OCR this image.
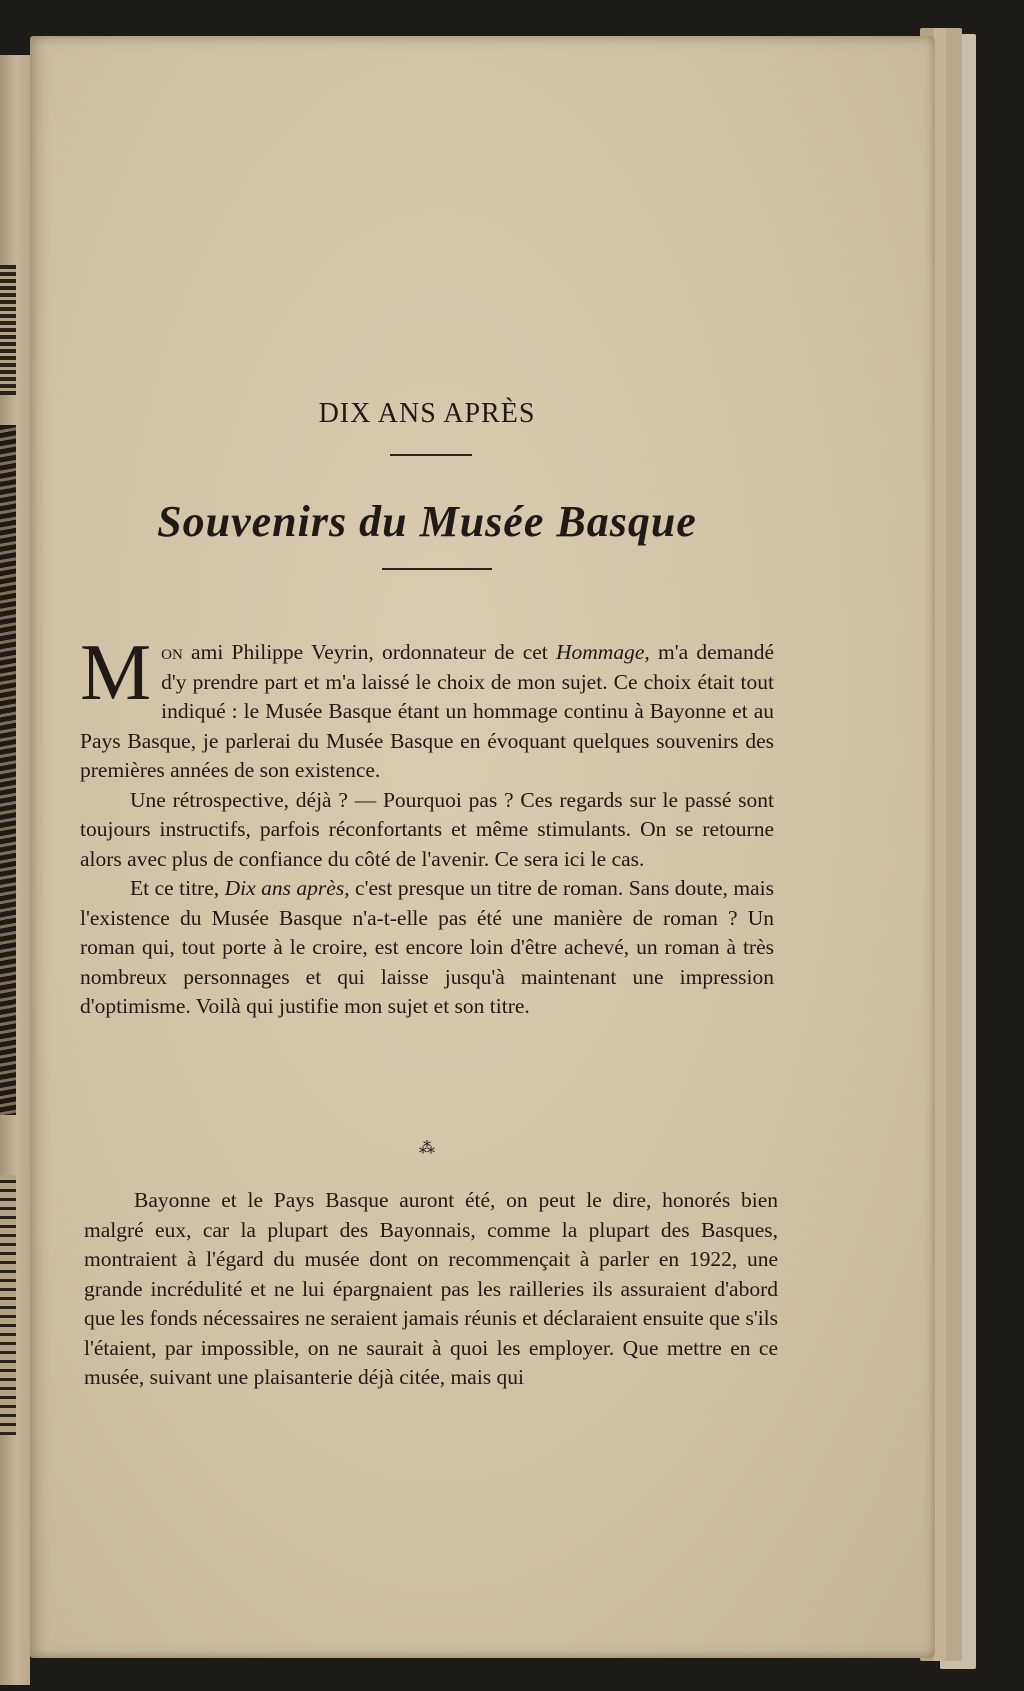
DIX ANS APRÈS
Souvenirs du Musée Basque

Mon ami Philippe Veyrin, ordonnateur de cet Hommage, m'a demandé d'y prendre part et m'a laissé le choix de mon sujet. Ce choix était tout indiqué : le Musée Basque étant un hommage continu à Bayonne et au Pays Basque, je parlerai du Musée Basque en évoquant quelques souvenirs des premières années de son existence.

Une rétrospective, déjà ? — Pourquoi pas ? Ces regards sur le passé sont toujours instructifs, parfois réconfortants et même stimulants. On se retourne alors avec plus de confiance du côté de l'avenir. Ce sera ici le cas.

Et ce titre, Dix ans après, c'est presque un titre de roman. Sans doute, mais l'existence du Musée Basque n'a-t-elle pas été une manière de roman ? Un roman qui, tout porte à le croire, est encore loin d'être achevé, un roman à très nombreux personnages et qui laisse jusqu'à maintenant une impression d'optimisme. Voilà qui justifie mon sujet et son titre.

⁂

Bayonne et le Pays Basque auront été, on peut le dire, honorés bien malgré eux, car la plupart des Bayonnais, comme la plupart des Basques, montraient à l'égard du musée dont on recommençait à parler en 1922, une grande incrédulité et ne lui épargnaient pas les railleries ils assuraient d'abord que les fonds nécessaires ne seraient jamais réunis et déclaraient ensuite que s'ils l'étaient, par impossible, on ne saurait à quoi les employer. Que mettre en ce musée, suivant une plaisanterie déjà citée, mais qui
